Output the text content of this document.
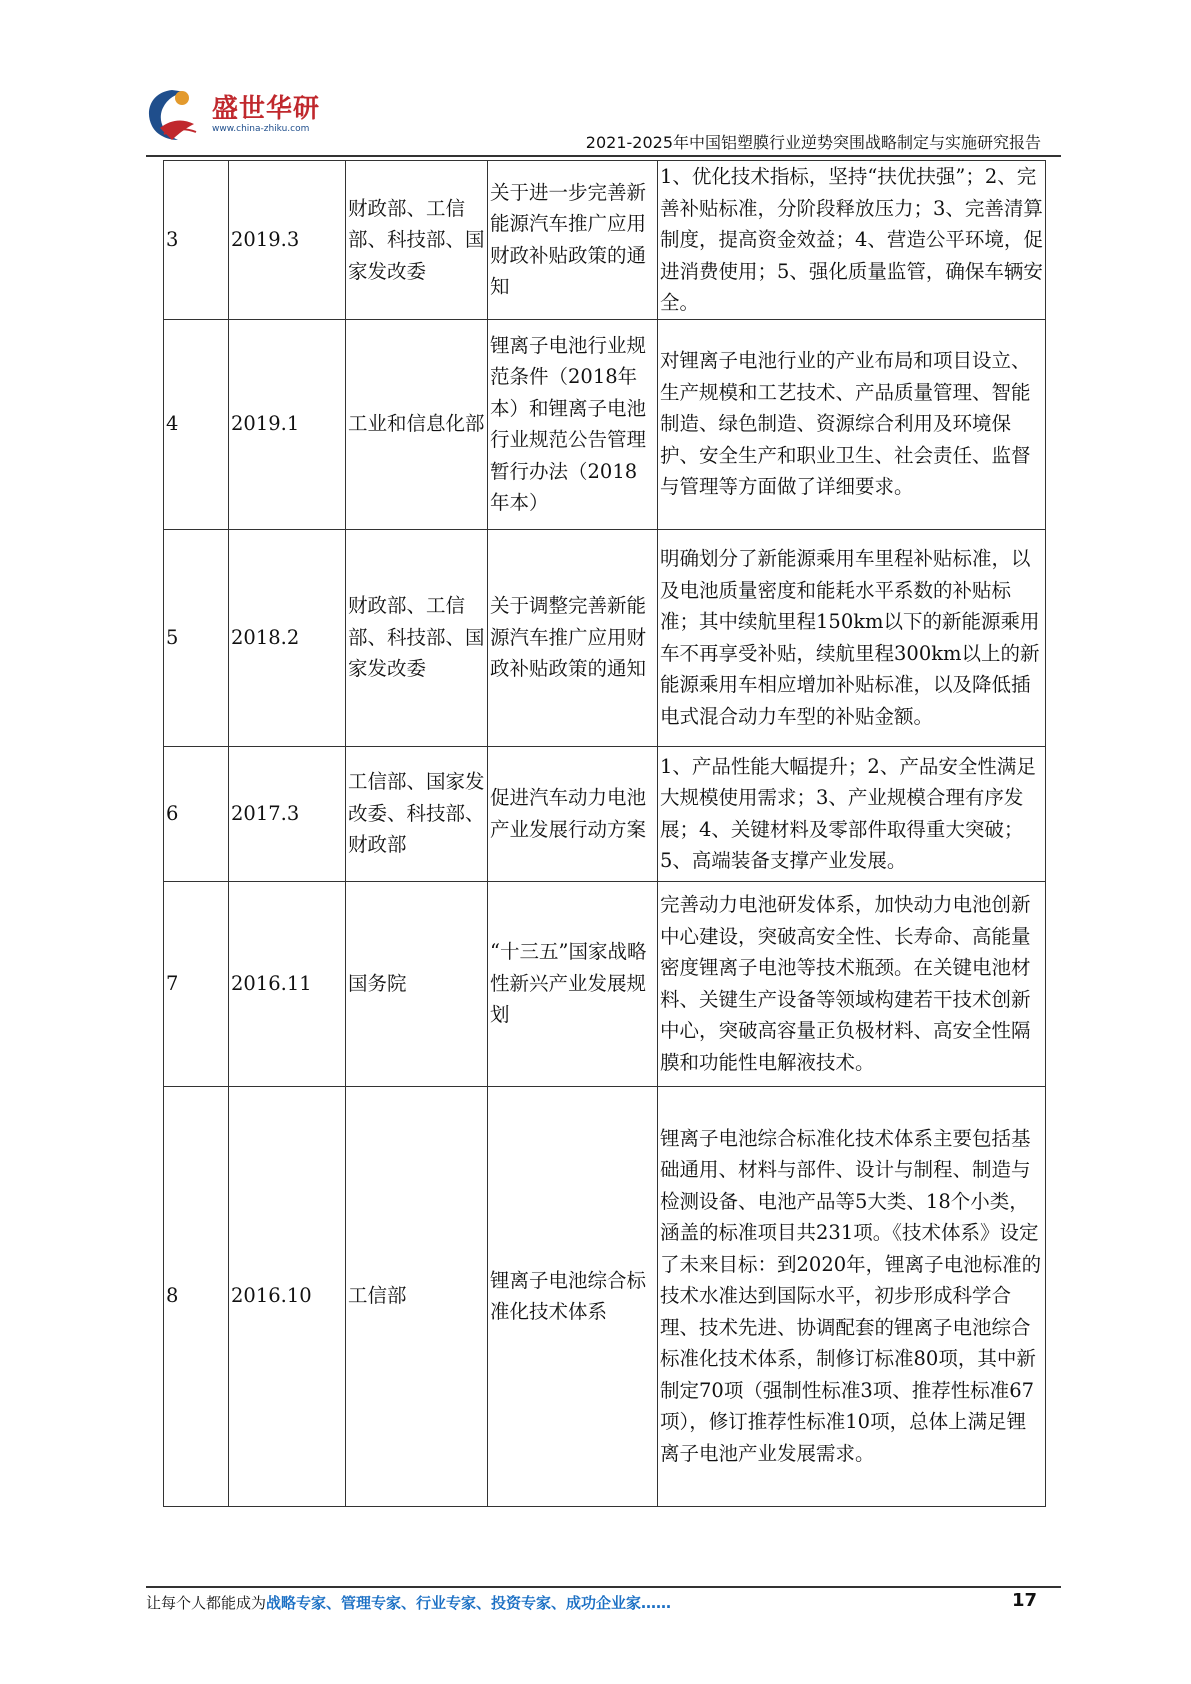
盛世华研
www.china-zhiku.com
2021-2025年中国铝塑膜行业逆势突围战略制定与实施研究报告
3	2019.3	财政部、工信部、科技部、国家发改委	关于进一步完善新能源汽车推广应用财政补贴政策的通知	1、优化技术指标，坚持“扶优扶强”；2、完善补贴标准，分阶段释放压力；3、完善清算制度，提高资金效益；4、营造公平环境，促进消费使用；5、强化质量监管，确保车辆安全。
4	2019.1	工业和信息化部	锂离子电池行业规范条件（2018年本）和锂离子电池行业规范公告管理暂行办法（2018年本）	对锂离子电池行业的产业布局和项目设立、生产规模和工艺技术、产品质量管理、智能制造、绿色制造、资源综合利用及环境保护、安全生产和职业卫生、社会责任、监督与管理等方面做了详细要求。
5	2018.2	财政部、工信部、科技部、国家发改委	关于调整完善新能源汽车推广应用财政补贴政策的通知	明确划分了新能源乘用车里程补贴标准，以及电池质量密度和能耗水平系数的补贴标准；其中续航里程150km以下的新能源乘用车不再享受补贴，续航里程300km以上的新能源乘用车相应增加补贴标准，以及降低插电式混合动力车型的补贴金额。
6	2017.3	工信部、国家发改委、科技部、财政部	促进汽车动力电池产业发展行动方案	1、产品性能大幅提升；2、产品安全性满足大规模使用需求；3、产业规模合理有序发展；4、关键材料及零部件取得重大突破；5、高端装备支撑产业发展。
7	2016.11	国务院	“十三五”国家战略性新兴产业发展规划	完善动力电池研发体系，加快动力电池创新中心建设，突破高安全性、长寿命、高能量密度锂离子电池等技术瓶颈。在关键电池材料、关键生产设备等领域构建若干技术创新中心，突破高容量正负极材料、高安全性隔膜和功能性电解液技术。
8	2016.10	工信部	锂离子电池综合标准化技术体系	锂离子电池综合标准化技术体系主要包括基础通用、材料与部件、设计与制程、制造与检测设备、电池产品等5大类、18个小类，涵盖的标准项目共231项。《技术体系》设定了未来目标：到2020年，锂离子电池标准的技术水准达到国际水平，初步形成科学合理、技术先进、协调配套的锂离子电池综合标准化技术体系，制修订标准80项，其中新制定70项（强制性标准3项、推荐性标准67项），修订推荐性标准10项，总体上满足锂离子电池产业发展需求。
让每个人都能成为战略专家、管理专家、行业专家、投资专家、成功企业家……	17
